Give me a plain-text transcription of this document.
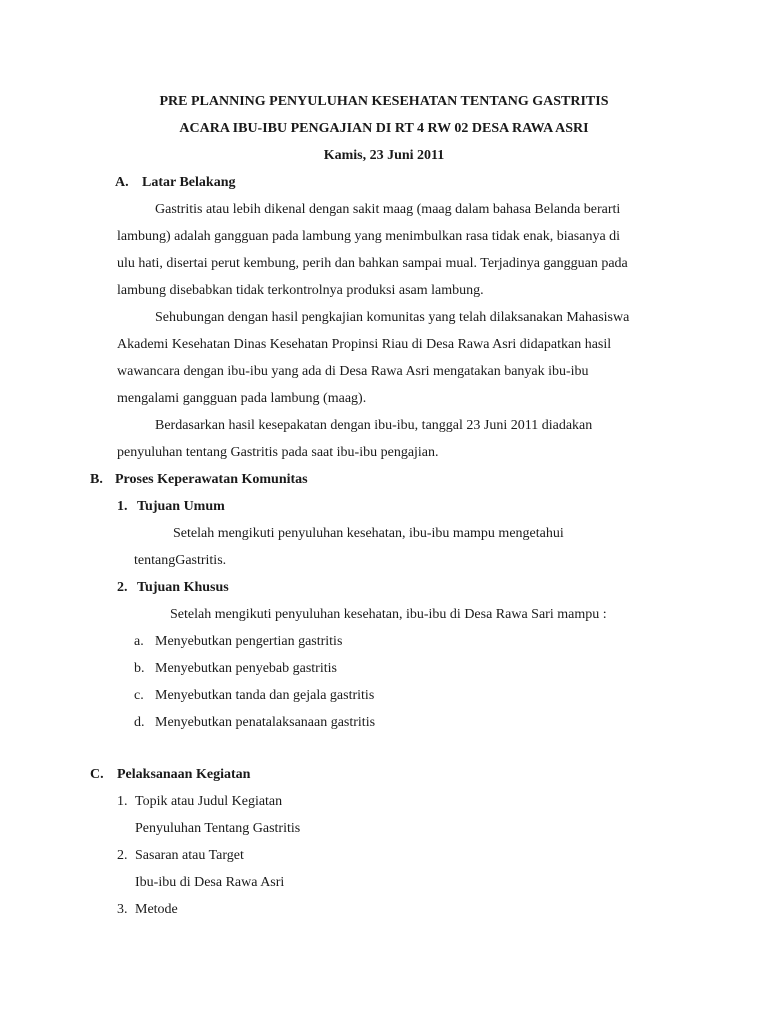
PRE PLANNING PENYULUHAN KESEHATAN TENTANG GASTRITIS
ACARA IBU-IBU PENGAJIAN DI RT 4 RW 02 DESA RAWA ASRI
Kamis, 23 Juni 2011
A. Latar Belakang
Gastritis atau lebih dikenal dengan sakit maag (maag dalam bahasa Belanda berarti
lambung) adalah gangguan pada lambung yang menimbulkan rasa tidak enak, biasanya di
ulu hati, disertai perut kembung, perih dan bahkan sampai mual. Terjadinya gangguan pada
lambung disebabkan tidak terkontrolnya produksi asam lambung.
Sehubungan dengan hasil pengkajian komunitas yang telah dilaksanakan Mahasiswa
Akademi Kesehatan Dinas Kesehatan Propinsi Riau di Desa Rawa Asri didapatkan hasil
wawancara dengan ibu-ibu yang ada di Desa Rawa Asri mengatakan banyak ibu-ibu
mengalami gangguan pada lambung (maag).
Berdasarkan hasil kesepakatan dengan ibu-ibu, tanggal 23 Juni 2011 diadakan
penyuluhan tentang Gastritis pada saat ibu-ibu pengajian.
B. Proses Keperawatan Komunitas
1. Tujuan Umum
Setelah mengikuti penyuluhan kesehatan, ibu-ibu mampu mengetahui
tentangGastritis.
2. Tujuan Khusus
Setelah mengikuti penyuluhan kesehatan, ibu-ibu di Desa Rawa Sari mampu :
a. Menyebutkan pengertian gastritis
b. Menyebutkan penyebab gastritis
c. Menyebutkan tanda dan gejala gastritis
d. Menyebutkan penatalaksanaan gastritis
C. Pelaksanaan Kegiatan
1. Topik atau Judul Kegiatan
Penyuluhan Tentang Gastritis
2. Sasaran atau Target
Ibu-ibu di Desa Rawa Asri
3. Metode
